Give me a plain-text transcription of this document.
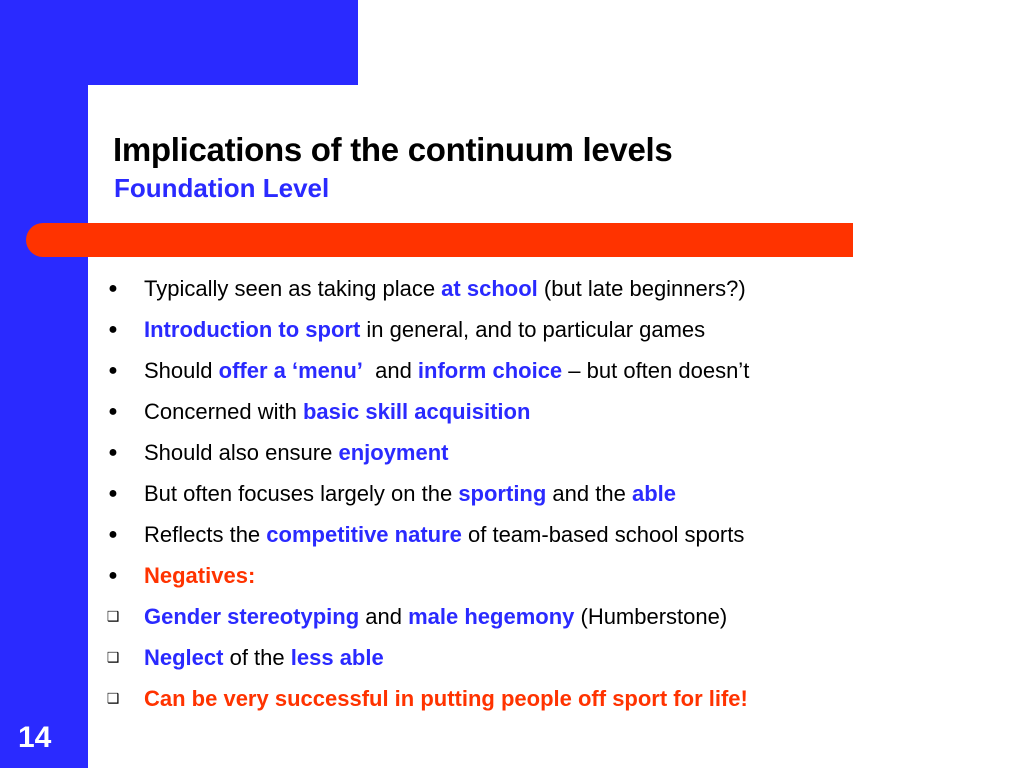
Implications of the continuum levels
Foundation Level
●
Typically seen as taking place at school (but late beginners?)
●
Introduction to sport in general, and to particular games
●
Should offer a ‘menu’  and inform choice – but often doesn’t
●
Concerned with basic skill acquisition
●
Should also ensure enjoyment
●
But often focuses largely on the sporting and the able
●
Reflects the competitive nature of team-based school sports
●
Negatives:
❑
Gender stereotyping and male hegemony (Humberstone)
❑
Neglect of the less able
❑
Can be very successful in putting people off sport for life!
14
